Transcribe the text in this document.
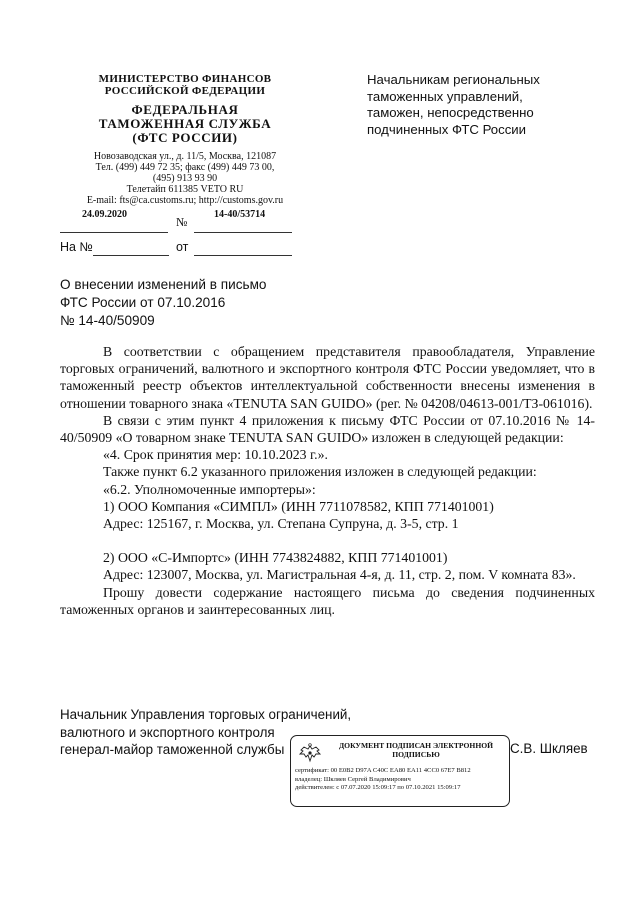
МИНИСТЕРСТВО ФИНАНСОВ
РОССИЙСКОЙ ФЕДЕРАЦИИ
ФЕДЕРАЛЬНАЯ
ТАМОЖЕННАЯ СЛУЖБА
(ФТС РОССИИ)
Новозаводская ул., д. 11/5, Москва, 121087
Тел. (499) 449 72 35; факс (499) 449 73 00,
(495) 913 93 90
Телетайп 611385 VETO RU
E-mail: fts@ca.customs.ru; http://customs.gov.ru
24.09.2020
№
14-40/53714
На №	от
Начальникам региональных
таможенных управлений,
таможен, непосредственно
подчиненных ФТС России
О внесении изменений в письмо
ФТС России от 07.10.2016
№ 14-40/50909

В соответствии с обращением представителя правообладателя, Управление торговых ограничений, валютного и экспортного контроля ФТС России уведомляет, что в таможенный реестр объектов интеллектуальной собственности внесены изменения в отношении товарного знака «TENUTA SAN GUIDO» (рег. № 04208/04613-001/ТЗ-061016).

В связи с этим пункт 4 приложения к письму ФТС России от 07.10.2016 № 14-40/50909 «О товарном знаке TENUTA SAN GUIDO» изложен в следующей редакции:

«4. Срок принятия мер: 10.10.2023 г.».

Также пункт 6.2 указанного приложения изложен в следующей редакции:

«6.2. Уполномоченные импортеры»:

1) ООО Компания «СИМПЛ» (ИНН 7711078582, КПП 771401001)

Адрес: 125167, г. Москва, ул. Степана Супруна, д. 3-5, стр. 1

2) ООО «С-Импортс» (ИНН 7743824882, КПП 771401001)

Адрес: 123007, Москва, ул. Магистральная 4-я, д. 11, стр. 2, пом. V комната 83».

Прошу довести содержание настоящего письма до сведения подчиненных таможенных органов и заинтересованных лиц.

Начальник Управления торговых ограничений,
валютного и экспортного контроля
генерал-майор таможенной службы	ДОКУМЕНТ ПОДПИСАН ЭЛЕКТРОННОЙ ПОДПИСЬЮ
сертификат: 00 E0B2 D97A C40C EA80 EA11 4CC0 67E7 B812
владелец: Шкляев Сергей Владимирович
действителен: с 07.07.2020 15:09:17 по 07.10.2021 15:09:17
С.В. Шкляев
